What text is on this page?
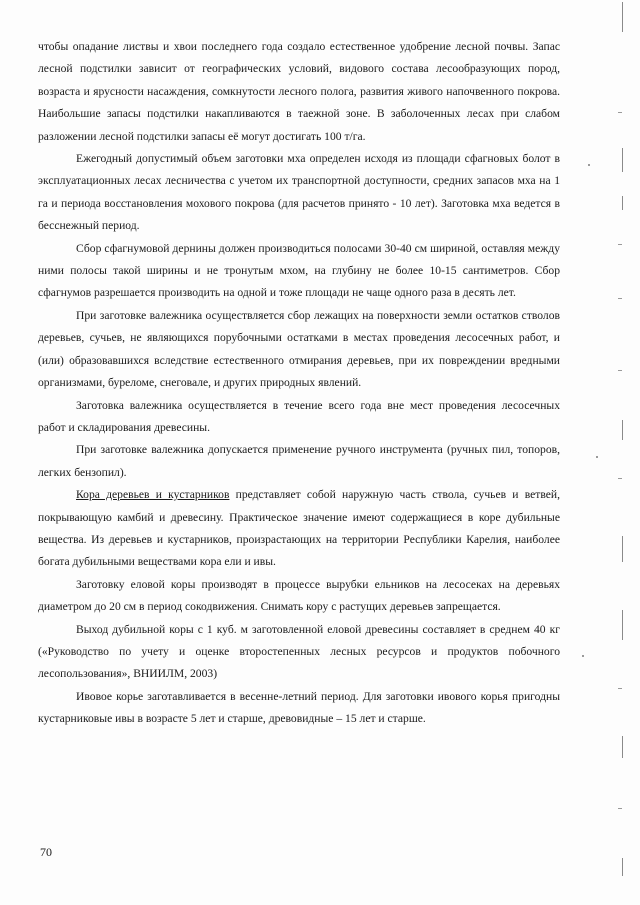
чтобы опадание листвы и хвои последнего года создало естественное удобрение лесной почвы. Запас лесной подстилки зависит от географических условий, видового состава лесообразующих пород, возраста и ярусности насаждения, сомкнутости лесного полога, развития живого напочвенного покрова. Наибольшие запасы подстилки накапливаются в таежной зоне. В заболоченных лесах при слабом разложении лесной подстилки запасы её могут достигать 100 т/га.

Ежегодный допустимый объем заготовки мха определен исходя из площади сфагновых болот в эксплуатационных лесах лесничества с учетом их транспортной доступности, средних запасов мха на 1 га и периода восстановления мохового покрова (для расчетов принято - 10 лет). Заготовка мха ведется в бесснежный период.

Сбор сфагнумовой дернины должен производиться полосами 30-40 см шириной, оставляя между ними полосы такой ширины и не тронутым мхом, на глубину не более 10-15 сантиметров. Сбор сфагнумов разрешается производить на одной и тоже площади не чаще одного раза в десять лет.

При заготовке валежника осуществляется сбор лежащих на поверхности земли остатков стволов деревьев, сучьев, не являющихся порубочными остатками в местах проведения лесосечных работ, и (или) образовавшихся вследствие естественного отмирания деревьев, при их повреждении вредными организмами, буреломе, снеговале, и других природных явлений.

Заготовка валежника осуществляется в течение всего года вне мест проведения лесосечных работ и складирования древесины.

При заготовке валежника допускается применение ручного инструмента (ручных пил, топоров, легких бензопил).

Кора деревьев и кустарников представляет собой наружную часть ствола, сучьев и ветвей, покрывающую камбий и древесину. Практическое значение имеют содержащиеся в коре дубильные вещества. Из деревьев и кустарников, произрастающих на территории Республики Карелия, наиболее богата дубильными веществами кора ели и ивы.

Заготовку еловой коры производят в процессе вырубки ельников на лесосеках на деревьях диаметром до 20 см в период сокодвижения. Снимать кору с растущих деревьев запрещается.

Выход дубильной коры с 1 куб. м заготовленной еловой древесины составляет в среднем 40 кг («Руководство по учету и оценке второстепенных лесных ресурсов и продуктов побочного лесопользования», ВНИИЛМ, 2003)

Ивовое корье заготавливается в весенне-летний период. Для заготовки ивового корья пригодны кустарниковые ивы в возрасте 5 лет и старше, древовидные – 15 лет и старше.

70
